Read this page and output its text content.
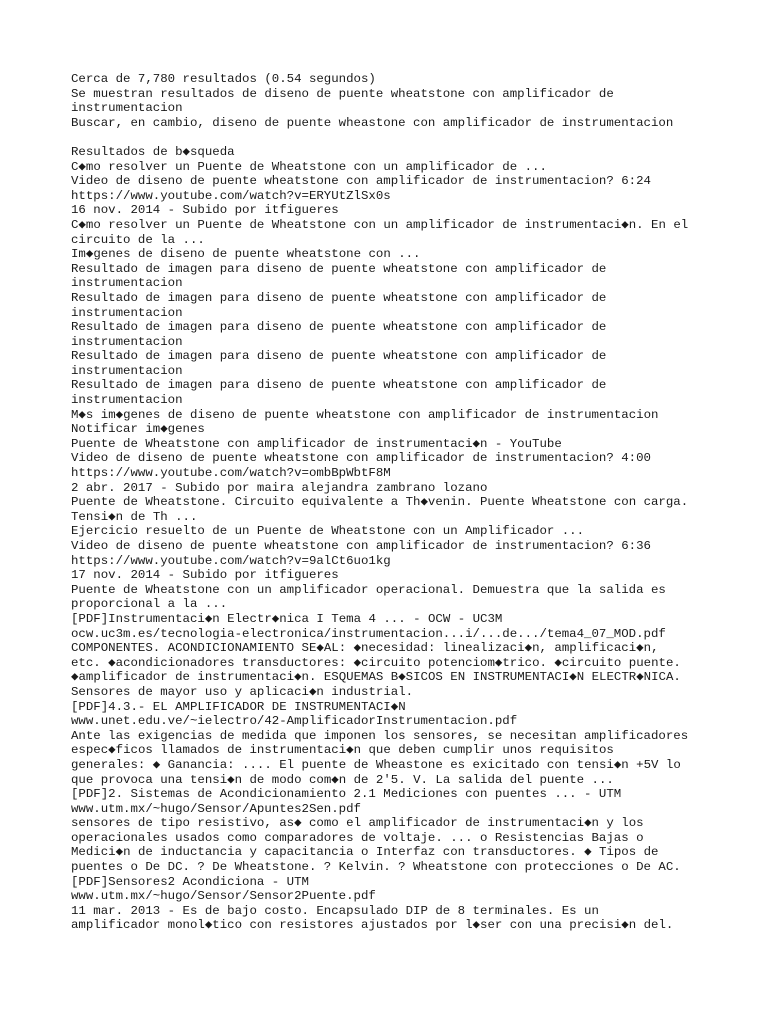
Cerca de 7,780 resultados (0.54 segundos)
Se muestran resultados de diseno de puente wheatstone con amplificador de
instrumentacion
Buscar, en cambio, diseno de puente wheastone con amplificador de instrumentacion
Resultados de b◆squeda
C◆mo resolver un Puente de Wheatstone con un amplificador de ...
Video de diseno de puente wheatstone con amplificador de instrumentacion? 6:24
https://www.youtube.com/watch?v=ERYUtZlSx0s
16 nov. 2014 - Subido por itfigueres
C◆mo resolver un Puente de Wheatstone con un amplificador de instrumentaci◆n. En el
circuito de la ...
Im◆genes de diseno de puente wheatstone con ...
Resultado de imagen para diseno de puente wheatstone con amplificador de
instrumentacion
Resultado de imagen para diseno de puente wheatstone con amplificador de
instrumentacion
Resultado de imagen para diseno de puente wheatstone con amplificador de
instrumentacion
Resultado de imagen para diseno de puente wheatstone con amplificador de
instrumentacion
Resultado de imagen para diseno de puente wheatstone con amplificador de
instrumentacion
M◆s im◆genes de diseno de puente wheatstone con amplificador de instrumentacion
Notificar im◆genes
Puente de Wheatstone con amplificador de instrumentaci◆n - YouTube
Video de diseno de puente wheatstone con amplificador de instrumentacion? 4:00
https://www.youtube.com/watch?v=ombBpWbtF8M
2 abr. 2017 - Subido por maira alejandra zambrano lozano
Puente de Wheatstone. Circuito equivalente a Th◆venin. Puente Wheatstone con carga.
Tensi◆n de Th ...
Ejercicio resuelto de un Puente de Wheatstone con un Amplificador ...
Video de diseno de puente wheatstone con amplificador de instrumentacion? 6:36
https://www.youtube.com/watch?v=9alCt6uo1kg
17 nov. 2014 - Subido por itfigueres
Puente de Wheatstone con un amplificador operacional. Demuestra que la salida es
proporcional a la ...
[PDF]Instrumentaci◆n Electr◆nica I Tema 4 ... - OCW - UC3M
ocw.uc3m.es/tecnologia-electronica/instrumentacion...i/...de.../tema4_07_MOD.pdf
COMPONENTES. ACONDICIONAMIENTO SE◆AL: ◆necesidad: linealizaci◆n, amplificaci◆n,
etc. ◆acondicionadores transductores: ◆circuito potenciom◆trico. ◆circuito puente.
◆amplificador de instrumentaci◆n. ESQUEMAS B◆SICOS EN INSTRUMENTACI◆N ELECTR◆NICA.
Sensores de mayor uso y aplicaci◆n industrial.
[PDF]4.3.- EL AMPLIFICADOR DE INSTRUMENTACI◆N
www.unet.edu.ve/~ielectro/42-AmplificadorInstrumentacion.pdf
Ante las exigencias de medida que imponen los sensores, se necesitan amplificadores
espec◆ficos llamados de instrumentaci◆n que deben cumplir unos requisitos
generales: ◆ Ganancia: .... El puente de Wheastone es exicitado con tensi◆n +5V lo
que provoca una tensi◆n de modo com◆n de 2'5. V. La salida del puente ...
[PDF]2. Sistemas de Acondicionamiento 2.1 Mediciones con puentes ... - UTM
www.utm.mx/~hugo/Sensor/Apuntes2Sen.pdf
sensores de tipo resistivo, as◆ como el amplificador de instrumentaci◆n y los
operacionales usados como comparadores de voltaje. ... o Resistencias Bajas o
Medici◆n de inductancia y capacitancia o Interfaz con transductores. ◆ Tipos de
puentes o De DC. ? De Wheatstone. ? Kelvin. ? Wheatstone con protecciones o De AC.
[PDF]Sensores2 Acondiciona - UTM
www.utm.mx/~hugo/Sensor/Sensor2Puente.pdf
11 mar. 2013 - Es de bajo costo. Encapsulado DIP de 8 terminales. Es un
amplificador monol◆tico con resistores ajustados por l◆ser con una precisi◆n del.
